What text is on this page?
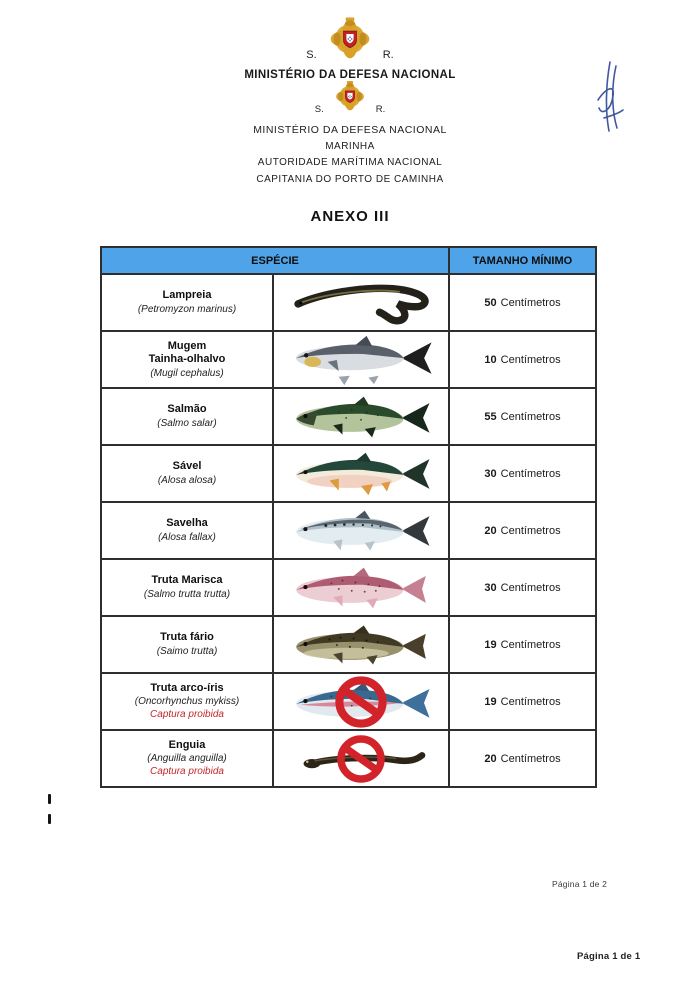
S.	R.
MINISTÉRIO DA DEFESA NACIONAL
S.	R.
MINISTÉRIO DA DEFESA NACIONAL
MARINHA
AUTORIDADE MARÍTIMA NACIONAL
CAPITANIA DO PORTO DE CAMINHA
ANEXO III
ESPÉCIE	TAMANHO MÍNIMO
Lampreia
(Petromyzon marinus)
50 Centímetros
Mugem
Tainha-olhalvo
(Mugil cephalus)
10 Centímetros
Salmão
(Salmo salar)
55 Centímetros
Sável
(Alosa alosa)
30 Centímetros
Savelha
(Alosa fallax)
20 Centímetros
Truta Marisca
(Salmo trutta trutta)
30 Centímetros
Truta fário
(Saimo trutta)
19 Centímetros
Truta arco-íris
(Oncorhynchus mykiss)
Captura proibida
19 Centímetros
Enguia
(Anguilla anguilla)
Captura proibida
20 Centímetros
Página 1 de 2
Página 1 de 1
